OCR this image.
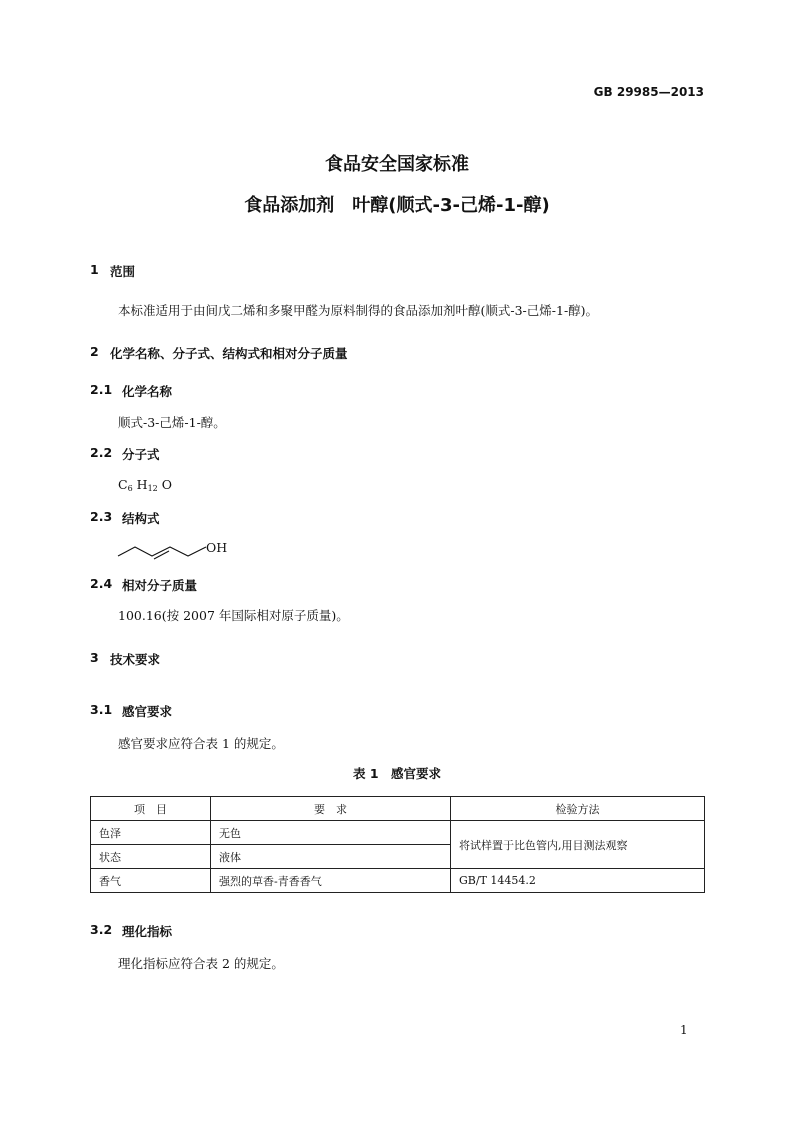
GB 29985—2013
食品安全国家标准
食品添加剂　叶醇(顺式-3-己烯-1-醇)
1 范围
本标准适用于由间戊二烯和多聚甲醛为原料制得的食品添加剂叶醇(顺式-3-己烯-1-醇)。
2 化学名称、分子式、结构式和相对分子质量
2.1 化学名称
顺式-3-己烯-1-醇。
2.2 分子式
$C_6$ $H_{12}$ O
2.3 结构式
OH
2.4 相对分子质量
100.16(按 2007 年国际相对原子质量)。
3 技术要求
3.1 感官要求
感官要求应符合表 1 的规定。
表 1　感官要求
项　目	要　求	检验方法
色泽	无色	将试样置于比色管内,用目测法观察
状态	液体	
香气	强烈的草香-青香香气	GB/T 14454.2
3.2 理化指标
理化指标应符合表 2 的规定。
1
